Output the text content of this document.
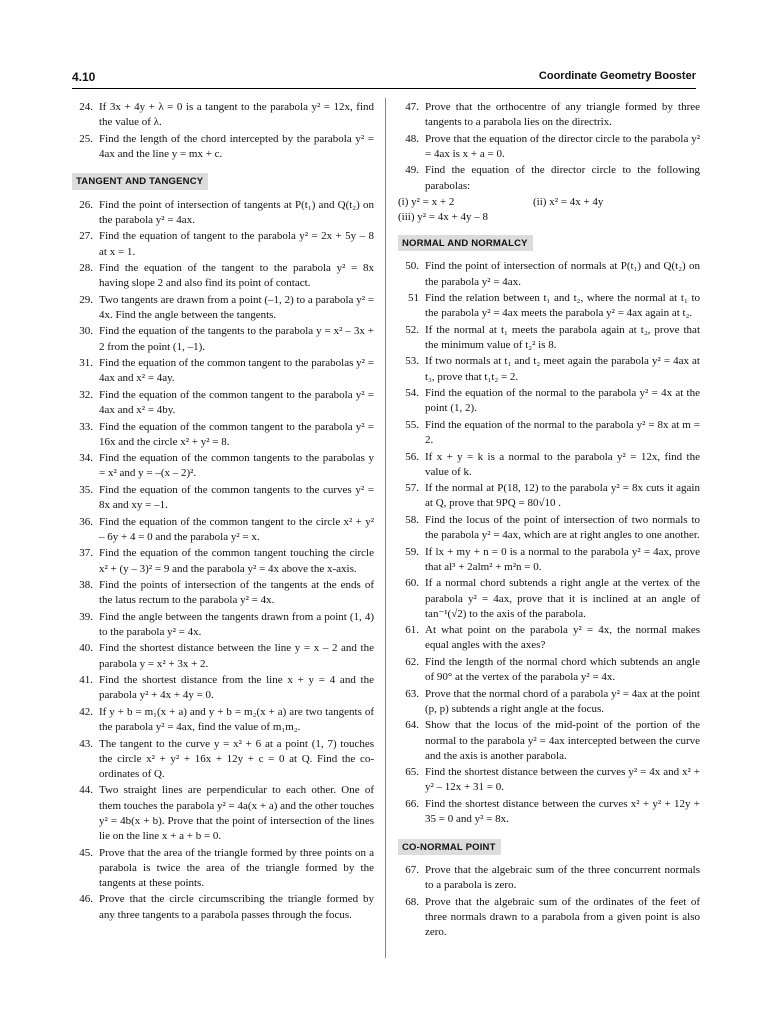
4.10	Coordinate Geometry Booster
24. If 3x + 4y + λ = 0 is a tangent to the parabola y² = 12x, find the value of λ.
25. Find the length of the chord intercepted by the parabola y² = 4ax and the line y = mx + c.
TANGENT AND TANGENCY

26. Find the point of intersection of tangents at P(t₁) and Q(t₂) on the parabola y² = 4ax.
27. Find the equation of tangent to the parabola y² = 2x + 5y – 8 at x = 1.
28. Find the equation of the tangent to the parabola y² = 8x having slope 2 and also find its point of contact.
29. Two tangents are drawn from a point (–1, 2) to a parabola y² = 4x. Find the angle between the tangents.
30. Find the equation of the tangents to the parabola y = x² – 3x + 2 from the point (1, –1).
31. Find the equation of the common tangent to the parabolas y² = 4ax and x² = 4ay.
32. Find the equation of the common tangent to the parabola y² = 4ax and x² = 4by.
33. Find the equation of the common tangent to the parabola y² = 16x and the circle x² + y² = 8.
34. Find the equation of the common tangents to the parabolas y = x² and y = –(x – 2)².
35. Find the equation of the common tangents to the curves y² = 8x and xy = –1.
36. Find the equation of the common tangent to the circle x² + y² – 6y + 4 = 0 and the parabola y² = x.
37. Find the equation of the common tangent touching the circle x² + (y – 3)² = 9 and the parabola y² = 4x above the x-axis.
38. Find the points of intersection of the tangents at the ends of the latus rectum to the parabola y² = 4x.
39. Find the angle between the tangents drawn from a point (1, 4) to the parabola y² = 4x.
40. Find the shortest distance between the line y = x – 2 and the parabola y = x² + 3x + 2.
41. Find the shortest distance from the line x + y = 4 and the parabola y² + 4x + 4y = 0.
42. If y + b = m₁(x + a) and y + b = m₂(x + a) are two tangents of the parabola y² = 4ax, find the value of m₁m₂.
43. The tangent to the curve y = x² + 6 at a point (1, 7) touches the circle x² + y² + 16x + 12y + c = 0 at Q. Find the co-ordinates of Q.
44. Two straight lines are perpendicular to each other. One of them touches the parabola y² = 4a(x + a) and the other touches y² = 4b(x + b). Prove that the point of intersection of the lines lie on the line x + a + b = 0.
45. Prove that the area of the triangle formed by three points on a parabola is twice the area of the triangle formed by the tangents at these points.
46. Prove that the circle circumscribing the triangle formed by any three tangents to a parabola passes through the focus.
47. Prove that the orthocentre of any triangle formed by three tangents to a parabola lies on the directrix.
48. Prove that the equation of the director circle to the parabola y² = 4ax is x + a = 0.
49. Find the equation of the director circle to the following parabolas:
(i) y² = x + 2	(ii) x² = 4x + 4y
(iii) y² = 4x + 4y – 8
NORMAL AND NORMALCY

50. Find the point of intersection of normals at P(t₁) and Q(t₂) on the parabola y² = 4ax.
51 Find the relation between t₁ and t₂, where the normal at t₁ to the parabola y² = 4ax meets the parabola y² = 4ax again at t₂.
52. If the normal at t₁ meets the parabola again at t₂, prove that the minimum value of t₂² is 8.
53. If two normals at t₁ and t₂ meet again the parabola y² = 4ax at t₃, prove that t₁t₂ = 2.
54. Find the equation of the normal to the parabola y² = 4x at the point (1, 2).
55. Find the equation of the normal to the parabola y² = 8x at m = 2.
56. If x + y = k is a normal to the parabola y² = 12x, find the value of k.
57. If the normal at P(18, 12) to the parabola y² = 8x cuts it again at Q, prove that 9PQ = 80√10 .
58. Find the locus of the point of intersection of two normals to the parabola y² = 4ax, which are at right angles to one another.
59. If lx + my + n = 0 is a normal to the parabola y² = 4ax, prove that al³ + 2alm² + m²n = 0.
60. If a normal chord subtends a right angle at the vertex of the parabola y² = 4ax, prove that it is inclined at an angle of tan⁻¹(√2) to the axis of the parabola.
61. At what point on the parabola y² = 4x, the normal makes equal angles with the axes?
62. Find the length of the normal chord which subtends an angle of 90° at the vertex of the parabola y² = 4x.
63. Prove that the normal chord of a parabola y² = 4ax at the point (p, p) subtends a right angle at the focus.
64. Show that the locus of the mid-point of the portion of the normal to the parabola y² = 4ax intercepted between the curve and the axis is another parabola.
65. Find the shortest distance between the curves y² = 4x and x² + y² – 12x + 31 = 0.
66. Find the shortest distance between the curves x² + y² + 12y + 35 = 0 and y² = 8x.
CO-NORMAL POINT

67. Prove that the algebraic sum of the three concurrent normals to a parabola is zero.
68. Prove that the algebraic sum of the ordinates of the feet of three normals drawn to a parabola from a given point is also zero.
